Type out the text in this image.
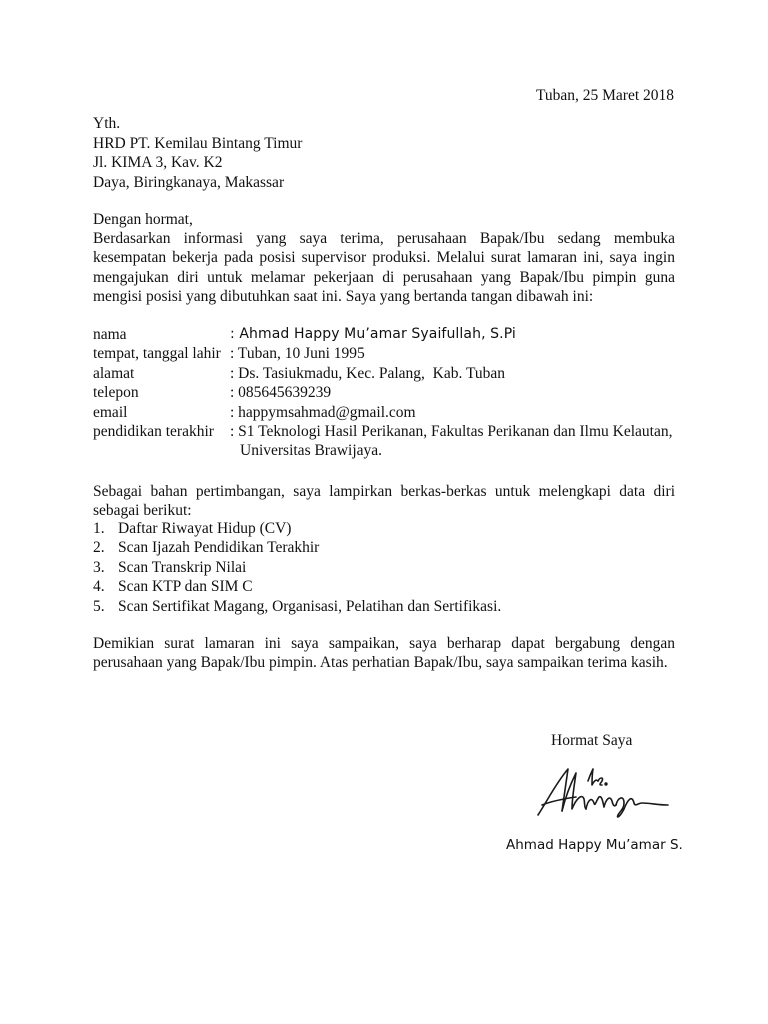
Tuban, 25 Maret 2018
Yth.
HRD PT. Kemilau Bintang Timur
Jl. KIMA 3, Kav. K2
Daya, Biringkanaya, Makassar
Dengan hormat,
Berdasarkan informasi yang saya terima, perusahaan Bapak/Ibu sedang membuka kesempatan bekerja pada posisi supervisor produksi. Melalui surat lamaran ini, saya ingin mengajukan diri untuk melamar pekerjaan di perusahaan yang Bapak/Ibu pimpin guna mengisi posisi yang dibutuhkan saat ini. Saya yang bertanda tangan dibawah ini:
nama	: Ahmad Happy Mu’amar Syaifullah, S.Pi
tempat, tanggal lahir : Tuban, 10 Juni 1995
alamat	: Ds. Tasiukmadu, Kec. Palang,  Kab. Tuban
telepon	: 085645639239
email	: happymsahmad@gmail.com
pendidikan terakhir : S1 Teknologi Hasil Perikanan, Fakultas Perikanan dan Ilmu Kelautan,
Universitas Brawijaya.
Sebagai bahan pertimbangan, saya lampirkan berkas-berkas untuk melengkapi data diri sebagai berikut:
1. Daftar Riwayat Hidup (CV)
2. Scan Ijazah Pendidikan Terakhir
3. Scan Transkrip Nilai
4. Scan KTP dan SIM C
5. Scan Sertifikat Magang, Organisasi, Pelatihan dan Sertifikasi.
Demikian surat lamaran ini saya sampaikan, saya berharap dapat bergabung dengan perusahaan yang Bapak/Ibu pimpin. Atas perhatian Bapak/Ibu, saya sampaikan terima kasih.
Hormat Saya
Ahmad Happy Mu’amar S.
